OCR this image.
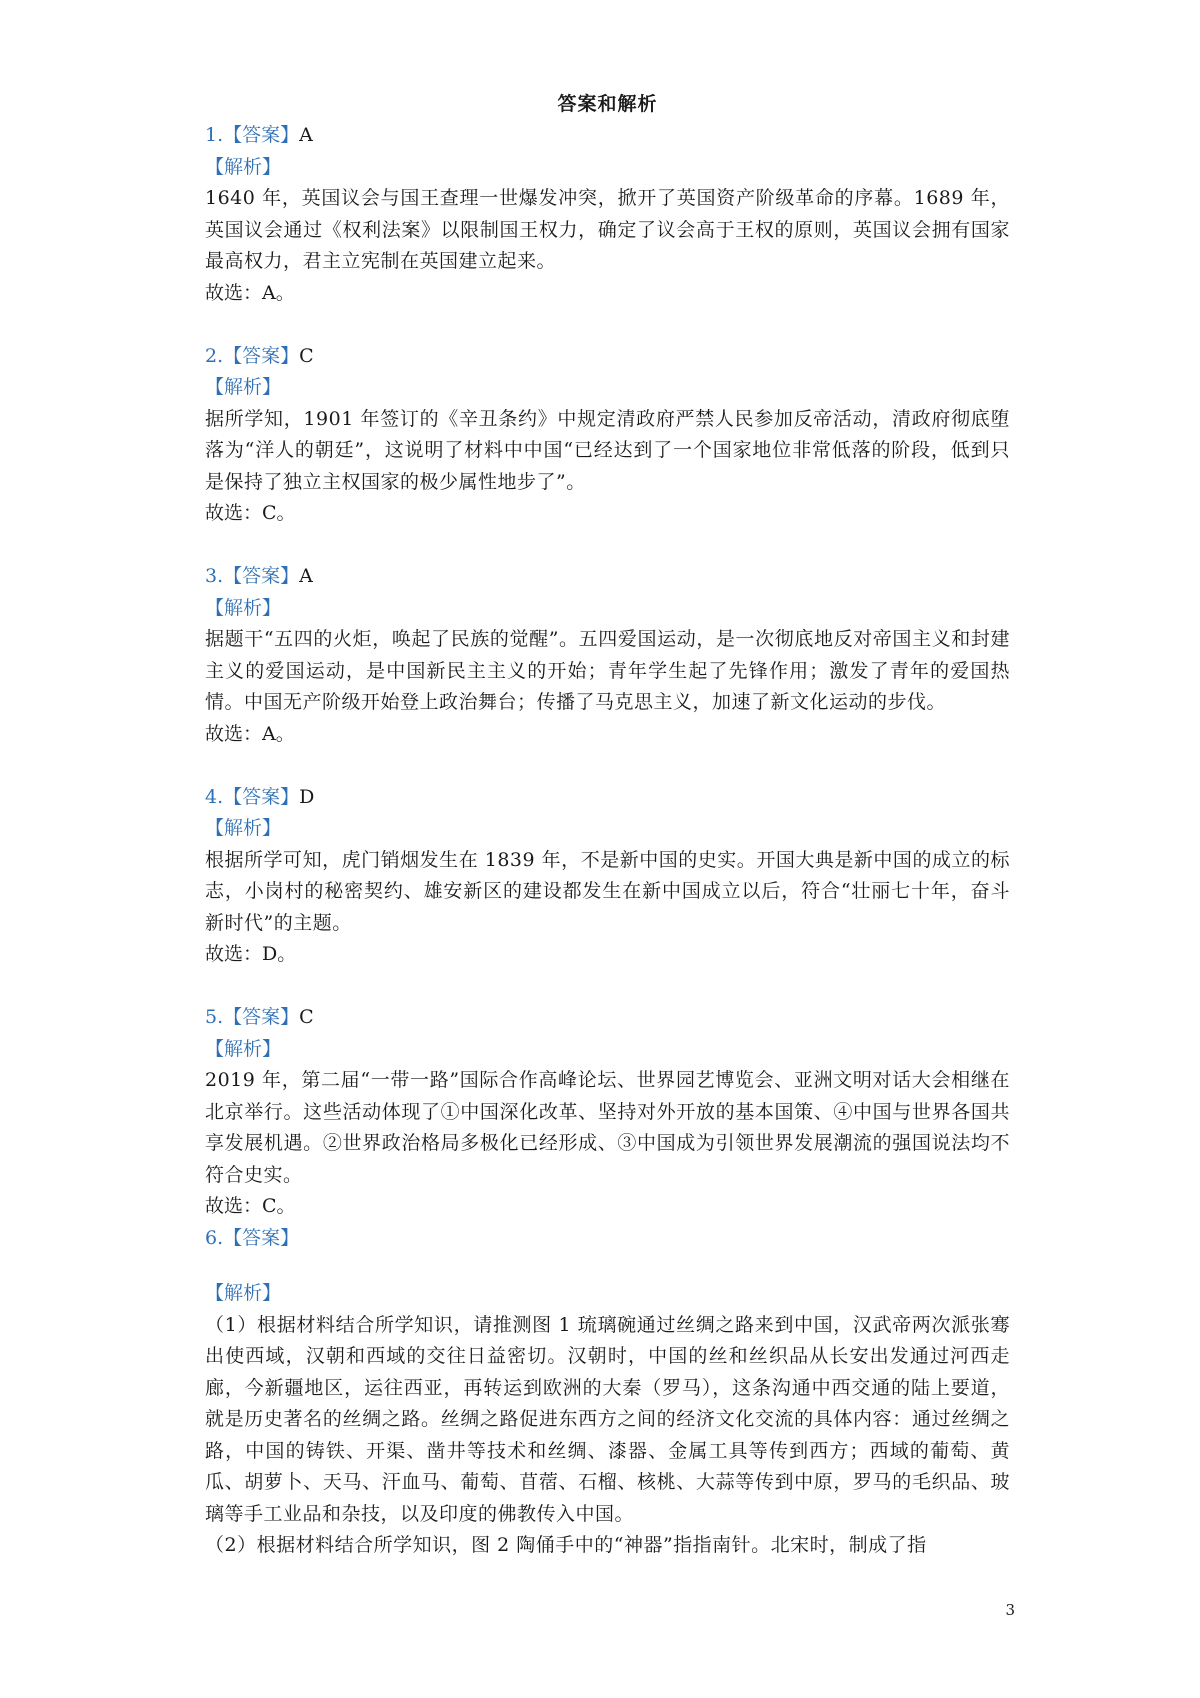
答案和解析
1.【答案】A
【解析】

1640 年，英国议会与国王查理一世爆发冲突，掀开了英国资产阶级革命的序幕。1689 年，英国议会通过《权利法案》以限制国王权力，确定了议会高于王权的原则，英国议会拥有国家最高权力，君主立宪制在英国建立起来。

故选：A。
2.【答案】C
【解析】

据所学知，1901 年签订的《辛丑条约》中规定清政府严禁人民参加反帝活动，清政府彻底堕落为“洋人的朝廷”，这说明了材料中中国“已经达到了一个国家地位非常低落的阶段，低到只是保持了独立主权国家的极少属性地步了”。

故选：C。
3.【答案】A
【解析】

据题干“五四的火炬，唤起了民族的觉醒”。五四爱国运动，是一次彻底地反对帝国主义和封建主义的爱国运动，是中国新民主主义的开始；青年学生起了先锋作用；激发了青年的爱国热情。中国无产阶级开始登上政治舞台；传播了马克思主义，加速了新文化运动的步伐。

故选：A。
4.【答案】D
【解析】

根据所学可知，虎门销烟发生在 1839 年，不是新中国的史实。开国大典是新中国的成立的标志，小岗村的秘密契约、雄安新区的建设都发生在新中国成立以后，符合“壮丽七十年，奋斗新时代”的主题。

故选：D。
5.【答案】C
【解析】

2019 年，第二届“一带一路”国际合作高峰论坛、世界园艺博览会、亚洲文明对话大会相继在北京举行。这些活动体现了①中国深化改革、坚持对外开放的基本国策、④中国与世界各国共享发展机遇。②世界政治格局多极化已经形成、③中国成为引领世界发展潮流的强国说法均不符合史实。

故选：C。
6.【答案】
【解析】

（1）根据材料结合所学知识，请推测图 1 琉璃碗通过丝绸之路来到中国，汉武帝两次派张骞出使西域，汉朝和西域的交往日益密切。汉朝时，中国的丝和丝织品从长安出发通过河西走廊，今新疆地区，运往西亚，再转运到欧洲的大秦（罗马），这条沟通中西交通的陆上要道，就是历史著名的丝绸之路。丝绸之路促进东西方之间的经济文化交流的具体内容：通过丝绸之路，中国的铸铁、开渠、凿井等技术和丝绸、漆器、金属工具等传到西方；西域的葡萄、黄瓜、胡萝卜、天马、汗血马、葡萄、苜蓿、石榴、核桃、大蒜等传到中原，罗马的毛织品、玻璃等手工业品和杂技，以及印度的佛教传入中国。

（2）根据材料结合所学知识，图 2 陶俑手中的“神器”指指南针。北宋时，制成了指

3
